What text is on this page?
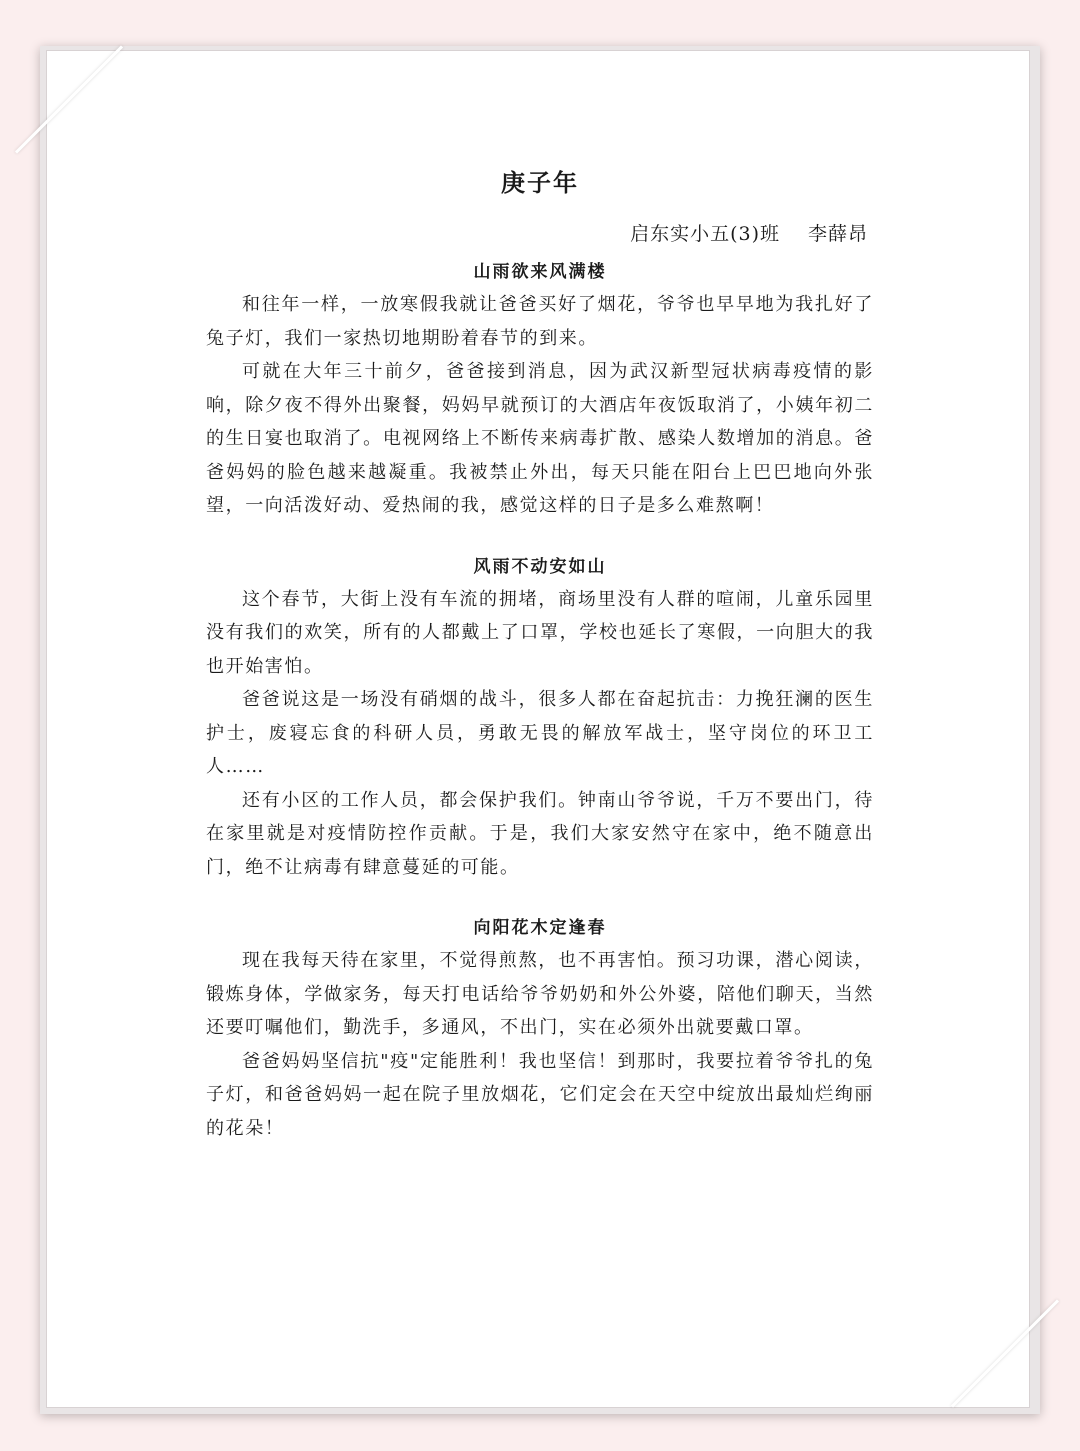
庚子年
启东实小五(3)班 李薛昂
山雨欲来风满楼

和往年一样，一放寒假我就让爸爸买好了烟花，爷爷也早早地为我扎好了兔子灯，我们一家热切地期盼着春节的到来。

可就在大年三十前夕，爸爸接到消息，因为武汉新型冠状病毒疫情的影响，除夕夜不得外出聚餐，妈妈早就预订的大酒店年夜饭取消了，小姨年初二的生日宴也取消了。电视网络上不断传来病毒扩散、感染人数增加的消息。爸爸妈妈的脸色越来越凝重。我被禁止外出，每天只能在阳台上巴巴地向外张望，一向活泼好动、爱热闹的我，感觉这样的日子是多么难熬啊！

风雨不动安如山

这个春节，大街上没有车流的拥堵，商场里没有人群的喧闹，儿童乐园里没有我们的欢笑，所有的人都戴上了口罩，学校也延长了寒假，一向胆大的我也开始害怕。

爸爸说这是一场没有硝烟的战斗，很多人都在奋起抗击：力挽狂澜的医生护士，废寝忘食的科研人员，勇敢无畏的解放军战士，坚守岗位的环卫工人……

还有小区的工作人员，都会保护我们。钟南山爷爷说，千万不要出门，待在家里就是对疫情防控作贡献。于是，我们大家安然守在家中，绝不随意出门，绝不让病毒有肆意蔓延的可能。

向阳花木定逢春

现在我每天待在家里，不觉得煎熬，也不再害怕。预习功课，潜心阅读，锻炼身体，学做家务，每天打电话给爷爷奶奶和外公外婆，陪他们聊天，当然还要叮嘱他们，勤洗手，多通风，不出门，实在必须外出就要戴口罩。

爸爸妈妈坚信抗"疫"定能胜利！我也坚信！到那时，我要拉着爷爷扎的兔子灯，和爸爸妈妈一起在院子里放烟花，它们定会在天空中绽放出最灿烂绚丽的花朵！
